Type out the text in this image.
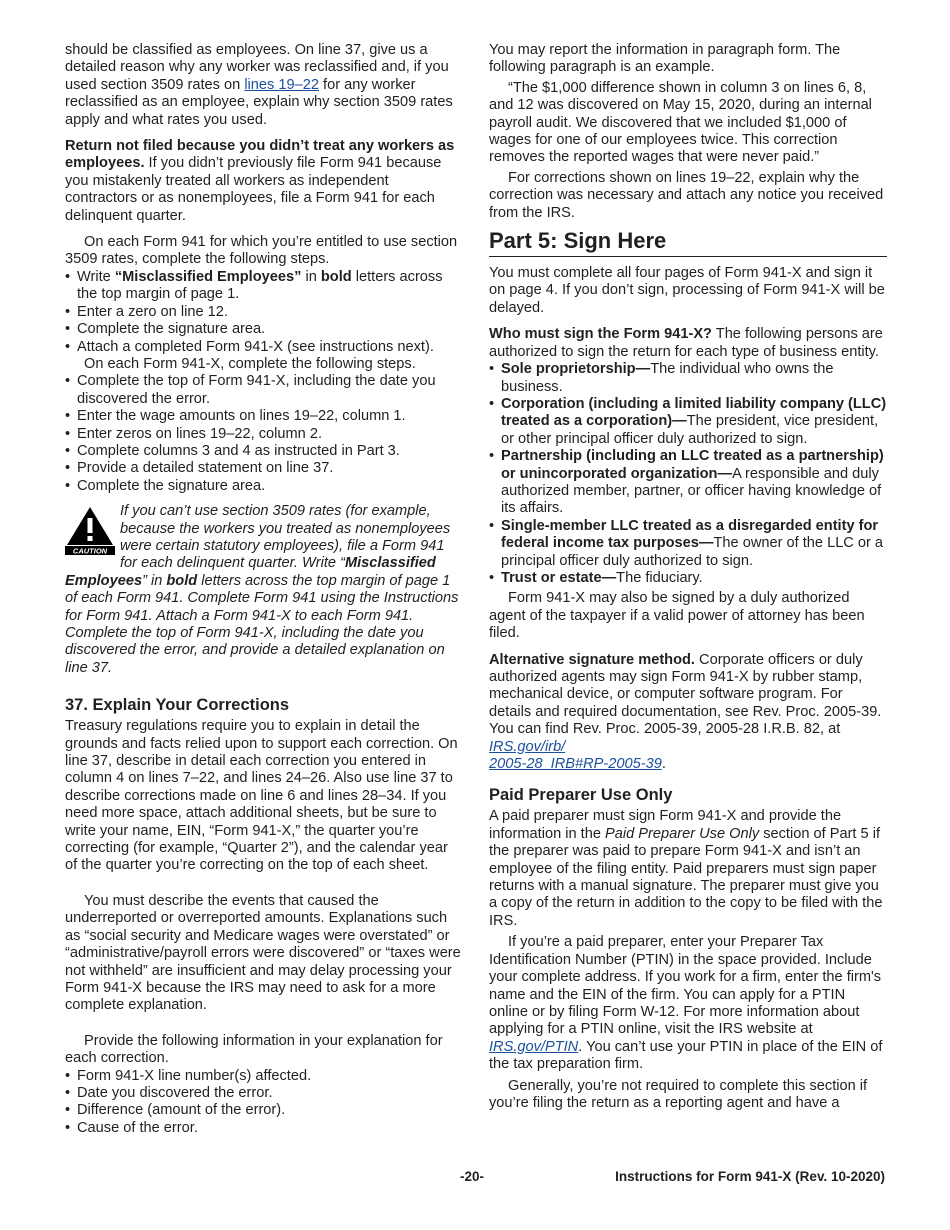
should be classified as employees. On line 37, give us a detailed reason why any worker was reclassified and, if you used section 3509 rates on lines 19–22 for any worker reclassified as an employee, explain why section 3509 rates apply and what rates you used.

Return not filed because you didn’t treat any workers as employees. If you didn’t previously file Form 941 because you mistakenly treated all workers as independent contractors or as nonemployees, file a Form 941 for each delinquent quarter.

On each Form 941 for which you’re entitled to use section 3509 rates, complete the following steps.

• Write “Misclassified Employees” in bold letters across the top margin of page 1.

• Enter a zero on line 12.

• Complete the signature area.

• Attach a completed Form 941-X (see instructions next).

On each Form 941-X, complete the following steps.

• Complete the top of Form 941-X, including the date you discovered the error.

• Enter the wage amounts on lines 19–22, column 1.

• Enter zeros on lines 19–22, column 2.

• Complete columns 3 and 4 as instructed in Part 3.

• Provide a detailed statement on line 37.

• Complete the signature area.

CAUTION
If you can’t use section 3509 rates (for example, because the workers you treated as nonemployees were certain statutory employees), file a Form 941 for each delinquent quarter. Write “Misclassified Employees” in bold letters across the top margin of page 1 of each Form 941. Complete Form 941 using the Instructions for Form 941. Attach a Form 941-X to each Form 941. Complete the top of Form 941-X, including the date you discovered the error, and provide a detailed explanation on line 37.
37. Explain Your Corrections

Treasury regulations require you to explain in detail the grounds and facts relied upon to support each correction. On line 37, describe in detail each correction you entered in column 4 on lines 7–22, and lines 24–26. Also use line 37 to describe corrections made on line 6 and lines 28–34. If you need more space, attach additional sheets, but be sure to write your name, EIN, “Form 941-X,” the quarter you’re correcting (for example, “Quarter 2”), and the calendar year of the quarter you’re correcting on the top of each sheet.

You must describe the events that caused the underreported or overreported amounts. Explanations such as “social security and Medicare wages were overstated” or “administrative/payroll errors were discovered” or “taxes were not withheld” are insufficient and may delay processing your Form 941-X because the IRS may need to ask for a more complete explanation.

Provide the following information in your explanation for each correction.

• Form 941-X line number(s) affected.

• Date you discovered the error.

• Difference (amount of the error).

• Cause of the error.

You may report the information in paragraph form. The following paragraph is an example.

“The $1,000 difference shown in column 3 on lines 6, 8, and 12 was discovered on May 15, 2020, during an internal payroll audit. We discovered that we included $1,000 of wages for one of our employees twice. This correction removes the reported wages that were never paid.”

For corrections shown on lines 19–22, explain why the correction was necessary and attach any notice you received from the IRS.

Part 5: Sign Here

You must complete all four pages of Form 941-X and sign it on page 4. If you don’t sign, processing of Form 941-X will be delayed.

Who must sign the Form 941-X? The following persons are authorized to sign the return for each type of business entity.

• Sole proprietorship—The individual who owns the business.

• Corporation (including a limited liability company (LLC) treated as a corporation)—The president, vice president, or other principal officer duly authorized to sign.

• Partnership (including an LLC treated as a partnership) or unincorporated organization—A responsible and duly authorized member, partner, or officer having knowledge of its affairs.

• Single-member LLC treated as a disregarded entity for federal income tax purposes—The owner of the LLC or a principal officer duly authorized to sign.

• Trust or estate—The fiduciary.

Form 941-X may also be signed by a duly authorized agent of the taxpayer if a valid power of attorney has been filed.

Alternative signature method. Corporate officers or duly authorized agents may sign Form 941-X by rubber stamp, mechanical device, or computer software program. For details and required documentation, see Rev. Proc. 2005-39. You can find Rev. Proc. 2005-39, 2005-28 I.R.B. 82, at IRS.gov/irb/
2005-28_IRB#RP-2005-39.

Paid Preparer Use Only

A paid preparer must sign Form 941-X and provide the information in the Paid Preparer Use Only section of Part 5 if the preparer was paid to prepare Form 941-X and isn’t an employee of the filing entity. Paid preparers must sign paper returns with a manual signature. The preparer must give you a copy of the return in addition to the copy to be filed with the IRS.

If you’re a paid preparer, enter your Preparer Tax Identification Number (PTIN) in the space provided. Include your complete address. If you work for a firm, enter the firm's name and the EIN of the firm. You can apply for a PTIN online or by filing Form W-12. For more information about applying for a PTIN online, visit the IRS website at IRS.gov/PTIN. You can’t use your PTIN in place of the EIN of the tax preparation firm.

Generally, you’re not required to complete this section if you’re filing the return as a reporting agent and have a

-20-	Instructions for Form 941-X (Rev. 10-2020)
